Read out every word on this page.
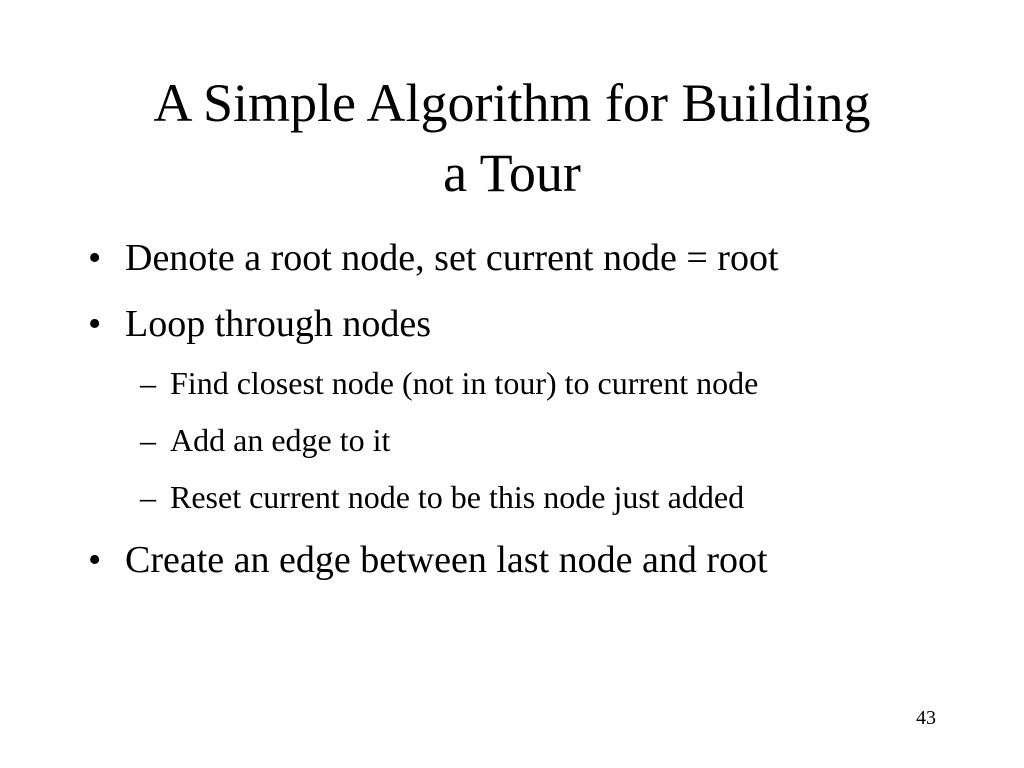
A Simple Algorithm for Building
a Tour
• Denote a root node, set current node = root
• Loop through nodes
– Find closest node (not in tour) to current node
– Add an edge to it
– Reset current node to be this node just added
• Create an edge between last node and root
43
